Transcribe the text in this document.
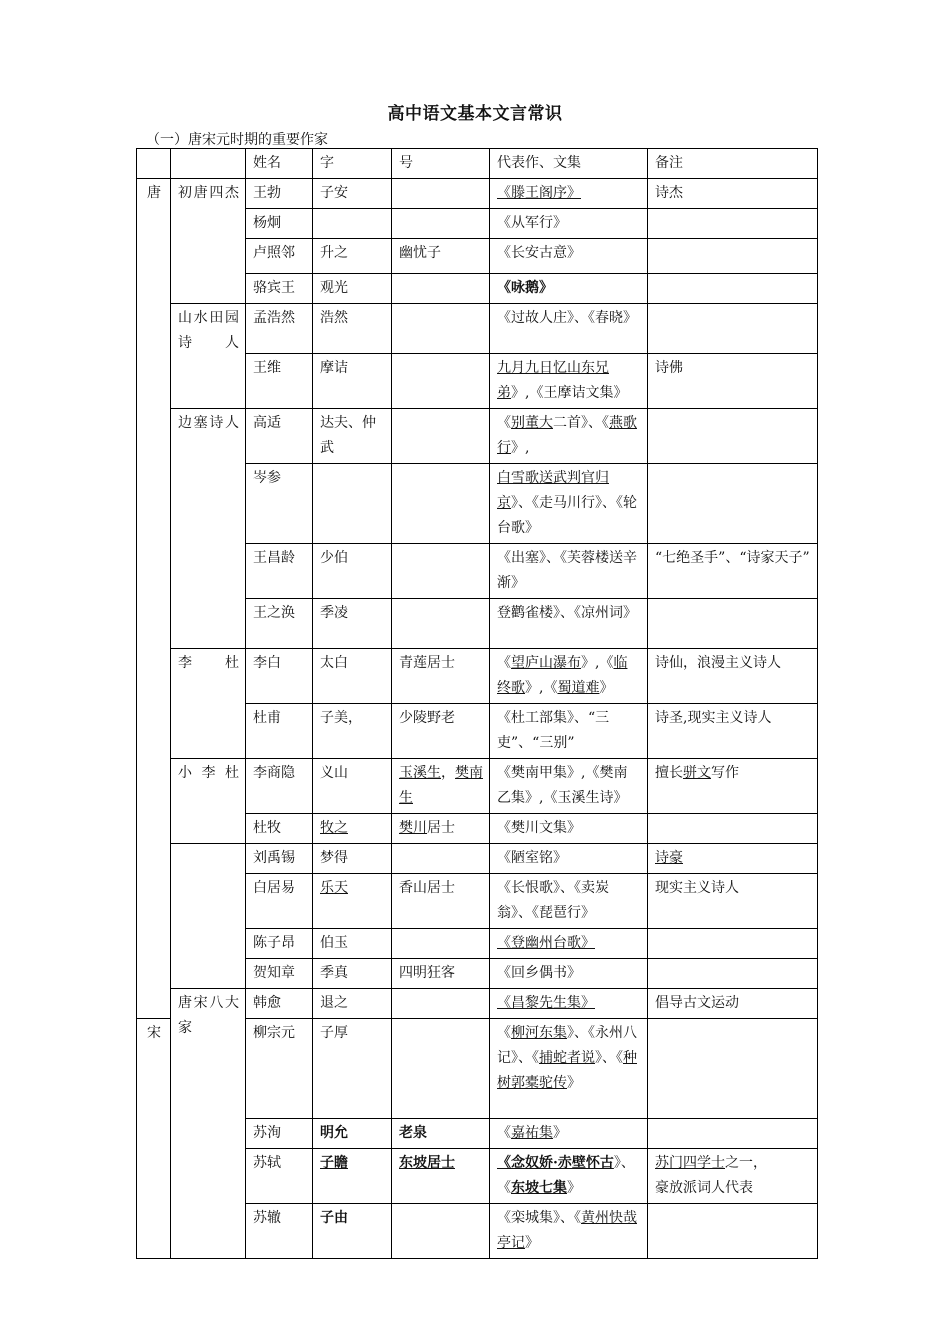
高中语文基本文言常识
（一）唐宋元时期的重要作家
		姓名	字	号	代表作、文集	备注
唐	初唐四杰	王勃	子安		《滕王阁序》	诗杰
		杨炯			《从军行》	
		卢照邻	升之	幽忧子	《长安古意》	
		骆宾王	观光		《咏鹅》	
	山水田园诗人	孟浩然	浩然		《过故人庄》、《春晓》	
		王维	摩诘		九月九日忆山东兄弟》,《王摩诘文集》	诗佛
	边塞诗人	高适	达夫、仲武		《别董大二首》、《燕歌行》,	
		岑参			白雪歌送武判官归京》、《走马川行》、《轮台歌》	
		王昌龄	少伯		《出塞》、《芙蓉楼送辛渐》	“七绝圣手”、“诗家天子”
		王之涣	季凌		登鹳雀楼》、《凉州词》	
	李杜	李白	太白	青莲居士	《望庐山瀑布》,《临终歌》,《蜀道难》	诗仙，浪漫主义诗人
		杜甫	子美，	少陵野老	《杜工部集》、“三吏”、“三别”	诗圣,现实主义诗人
	小李杜	李商隐	义山	玉溪生，樊南生	《樊南甲集》,《樊南乙集》,《玉溪生诗》	擅长骈文写作
		杜牧	牧之	樊川居士	《樊川文集》	
		刘禹锡	梦得		《陋室铭》	诗豪
		白居易	乐天	香山居士	《长恨歌》、《卖炭翁》、《琵琶行》	现实主义诗人
		陈子昂	伯玉		《登幽州台歌》	
		贺知章	季真	四明狂客	《回乡偶书》	
	唐宋八大家	韩愈	退之		《昌黎先生集》	倡导古文运动
宋		柳宗元	子厚		《柳河东集》、《永州八记》、《捕蛇者说》、《种树郭橐驼传》	
		苏洵	明允	老泉	《嘉祐集》	
		苏轼	子瞻	东坡居士	《念奴娇·赤壁怀古》、《东坡七集》	苏门四学士之一，
豪放派词人代表

		苏辙	子由		《栾城集》、《黄州快哉亭记》	
